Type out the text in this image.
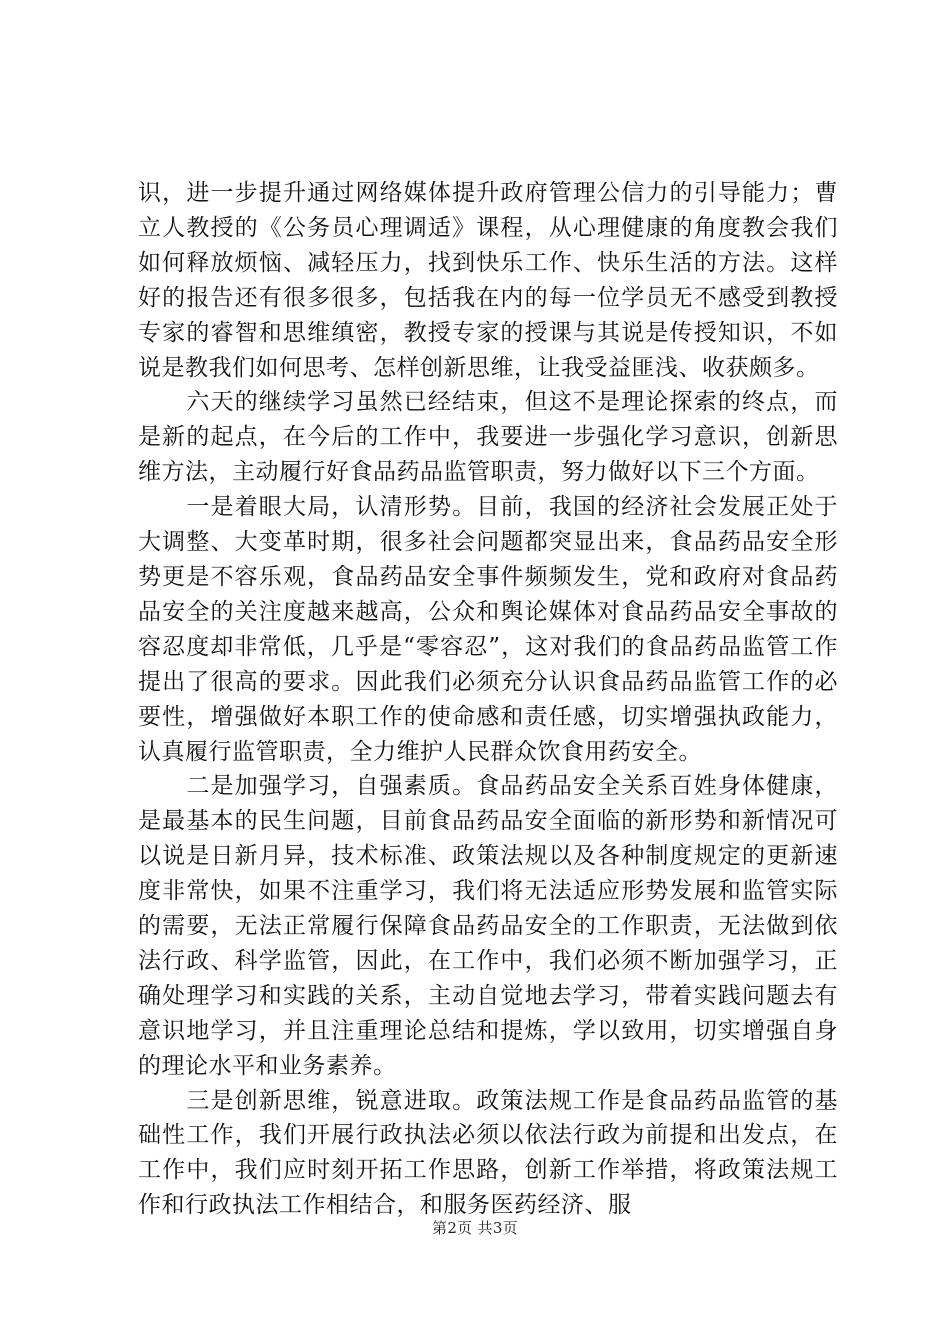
识，进一步提升通过网络媒体提升政府管理公信力的引导能力；曹立人教授的《公务员心理调适》课程，从心理健康的角度教会我们如何释放烦恼、减轻压力，找到快乐工作、快乐生活的方法。这样好的报告还有很多很多，包括我在内的每一位学员无不感受到教授专家的睿智和思维缜密，教授专家的授课与其说是传授知识，不如说是教我们如何思考、怎样创新思维，让我受益匪浅、收获颇多。

　　六天的继续学习虽然已经结束，但这不是理论探索的终点，而是新的起点，在今后的工作中，我要进一步强化学习意识，创新思维方法，主动履行好食品药品监管职责，努力做好以下三个方面。

　　一是着眼大局，认清形势。目前，我国的经济社会发展正处于大调整、大变革时期，很多社会问题都突显出来，食品药品安全形势更是不容乐观，食品药品安全事件频频发生，党和政府对食品药品安全的关注度越来越高，公众和舆论媒体对食品药品安全事故的容忍度却非常低，几乎是“零容忍”，这对我们的食品药品监管工作提出了很高的要求。因此我们必须充分认识食品药品监管工作的必要性，增强做好本职工作的使命感和责任感，切实增强执政能力，认真履行监管职责，全力维护人民群众饮食用药安全。

　　二是加强学习，自强素质。食品药品安全关系百姓身体健康，是最基本的民生问题，目前食品药品安全面临的新形势和新情况可以说是日新月异，技术标准、政策法规以及各种制度规定的更新速度非常快，如果不注重学习，我们将无法适应形势发展和监管实际的需要，无法正常履行保障食品药品安全的工作职责，无法做到依法行政、科学监管，因此，在工作中，我们必须不断加强学习，正确处理学习和实践的关系，主动自觉地去学习，带着实践问题去有意识地学习，并且注重理论总结和提炼，学以致用，切实增强自身的理论水平和业务素养。

　　三是创新思维，锐意进取。政策法规工作是食品药品监管的基础性工作，我们开展行政执法必须以依法行政为前提和出发点，在工作中，我们应时刻开拓工作思路，创新工作举措，将政策法规工作和行政执法工作相结合，和服务医药经济、服

第2页 共3页
